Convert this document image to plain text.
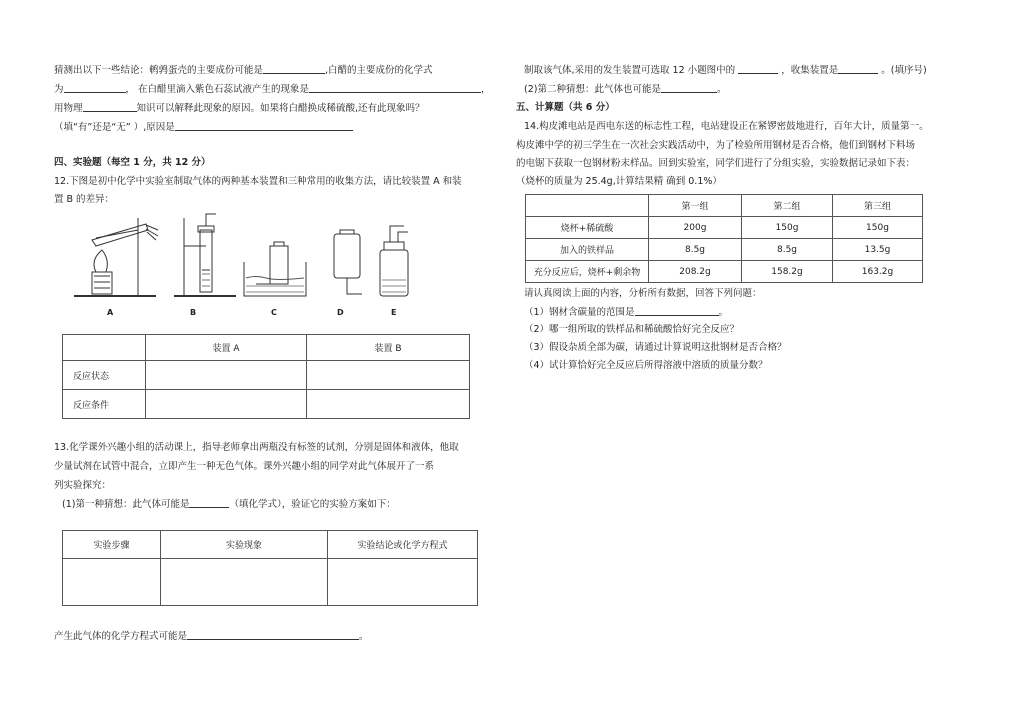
猜测出以下一些结论：鹌鹑蛋壳的主要成份可能是	,白醋的主要成份的化学式
为	， 在白醋里滴入紫色石蕊试液产生的现象是	，
用物理	知识可以解释此现象的原因。如果将白醋换成稀硫酸,还有此现象吗？
（填“有”还是“无” ）,原因是
四、实验题（每空 1 分，共 12 分）
12.下图是初中化学中实验室制取气体的两种基本装置和三种常用的收集方法，请比较装置 A 和装
置 B 的差异：
A	B	C	D	E
	装置 A	装置 B
反应状态		
反应条件		
13.化学课外兴趣小组的活动课上，指导老师拿出两瓶没有标签的试剂，分别是固体和液体，他取
少量试剂在试管中混合，立即产生一种无色气体。课外兴趣小组的同学对此气体展开了一系
列实验探究：
(1)第一种猜想：此气体可能是	（填化学式），验证它的实验方案如下：
实验步骤	实验现象	实验结论或化学方程式

产生此气体的化学方程式可能是	。
制取该气体,采用的发生装置可选取 12 小题图中的	，收集装置是	。(填序号)
(2)第二种猜想：此气体也可能是	。
五、计算题（共 6 分）
14.构皮滩电站是西电东送的标志性工程，电站建设正在紧锣密鼓地进行，百年大计，质量第一。
构皮滩中学的初三学生在一次社会实践活动中，为了检验所用钢材是否合格，他们到钢材下料场
的电锯下获取一包钢材粉末样品。回到实验室，同学们进行了分组实验，实验数据记录如下表：
（烧杯的质量为 25.4g,计算结果精 确到 0.1%）
	第一组	第二组	第三组
烧杯+稀硫酸	200g	150g	150g
加入的铁样品	8.5g	8.5g	13.5g
充分反应后，烧杯+剩余物	208.2g	158.2g	163.2g
请认真阅读上面的内容，分析所有数据，回答下列问题：
（1）钢材含碳量的范围是	。
（2）哪一组所取的铁样品和稀硫酸恰好完全反应？
（3）假设杂质全部为碳，请通过计算说明这批钢材是否合格？
（4）试计算恰好完全反应后所得溶液中溶质的质量分数？
